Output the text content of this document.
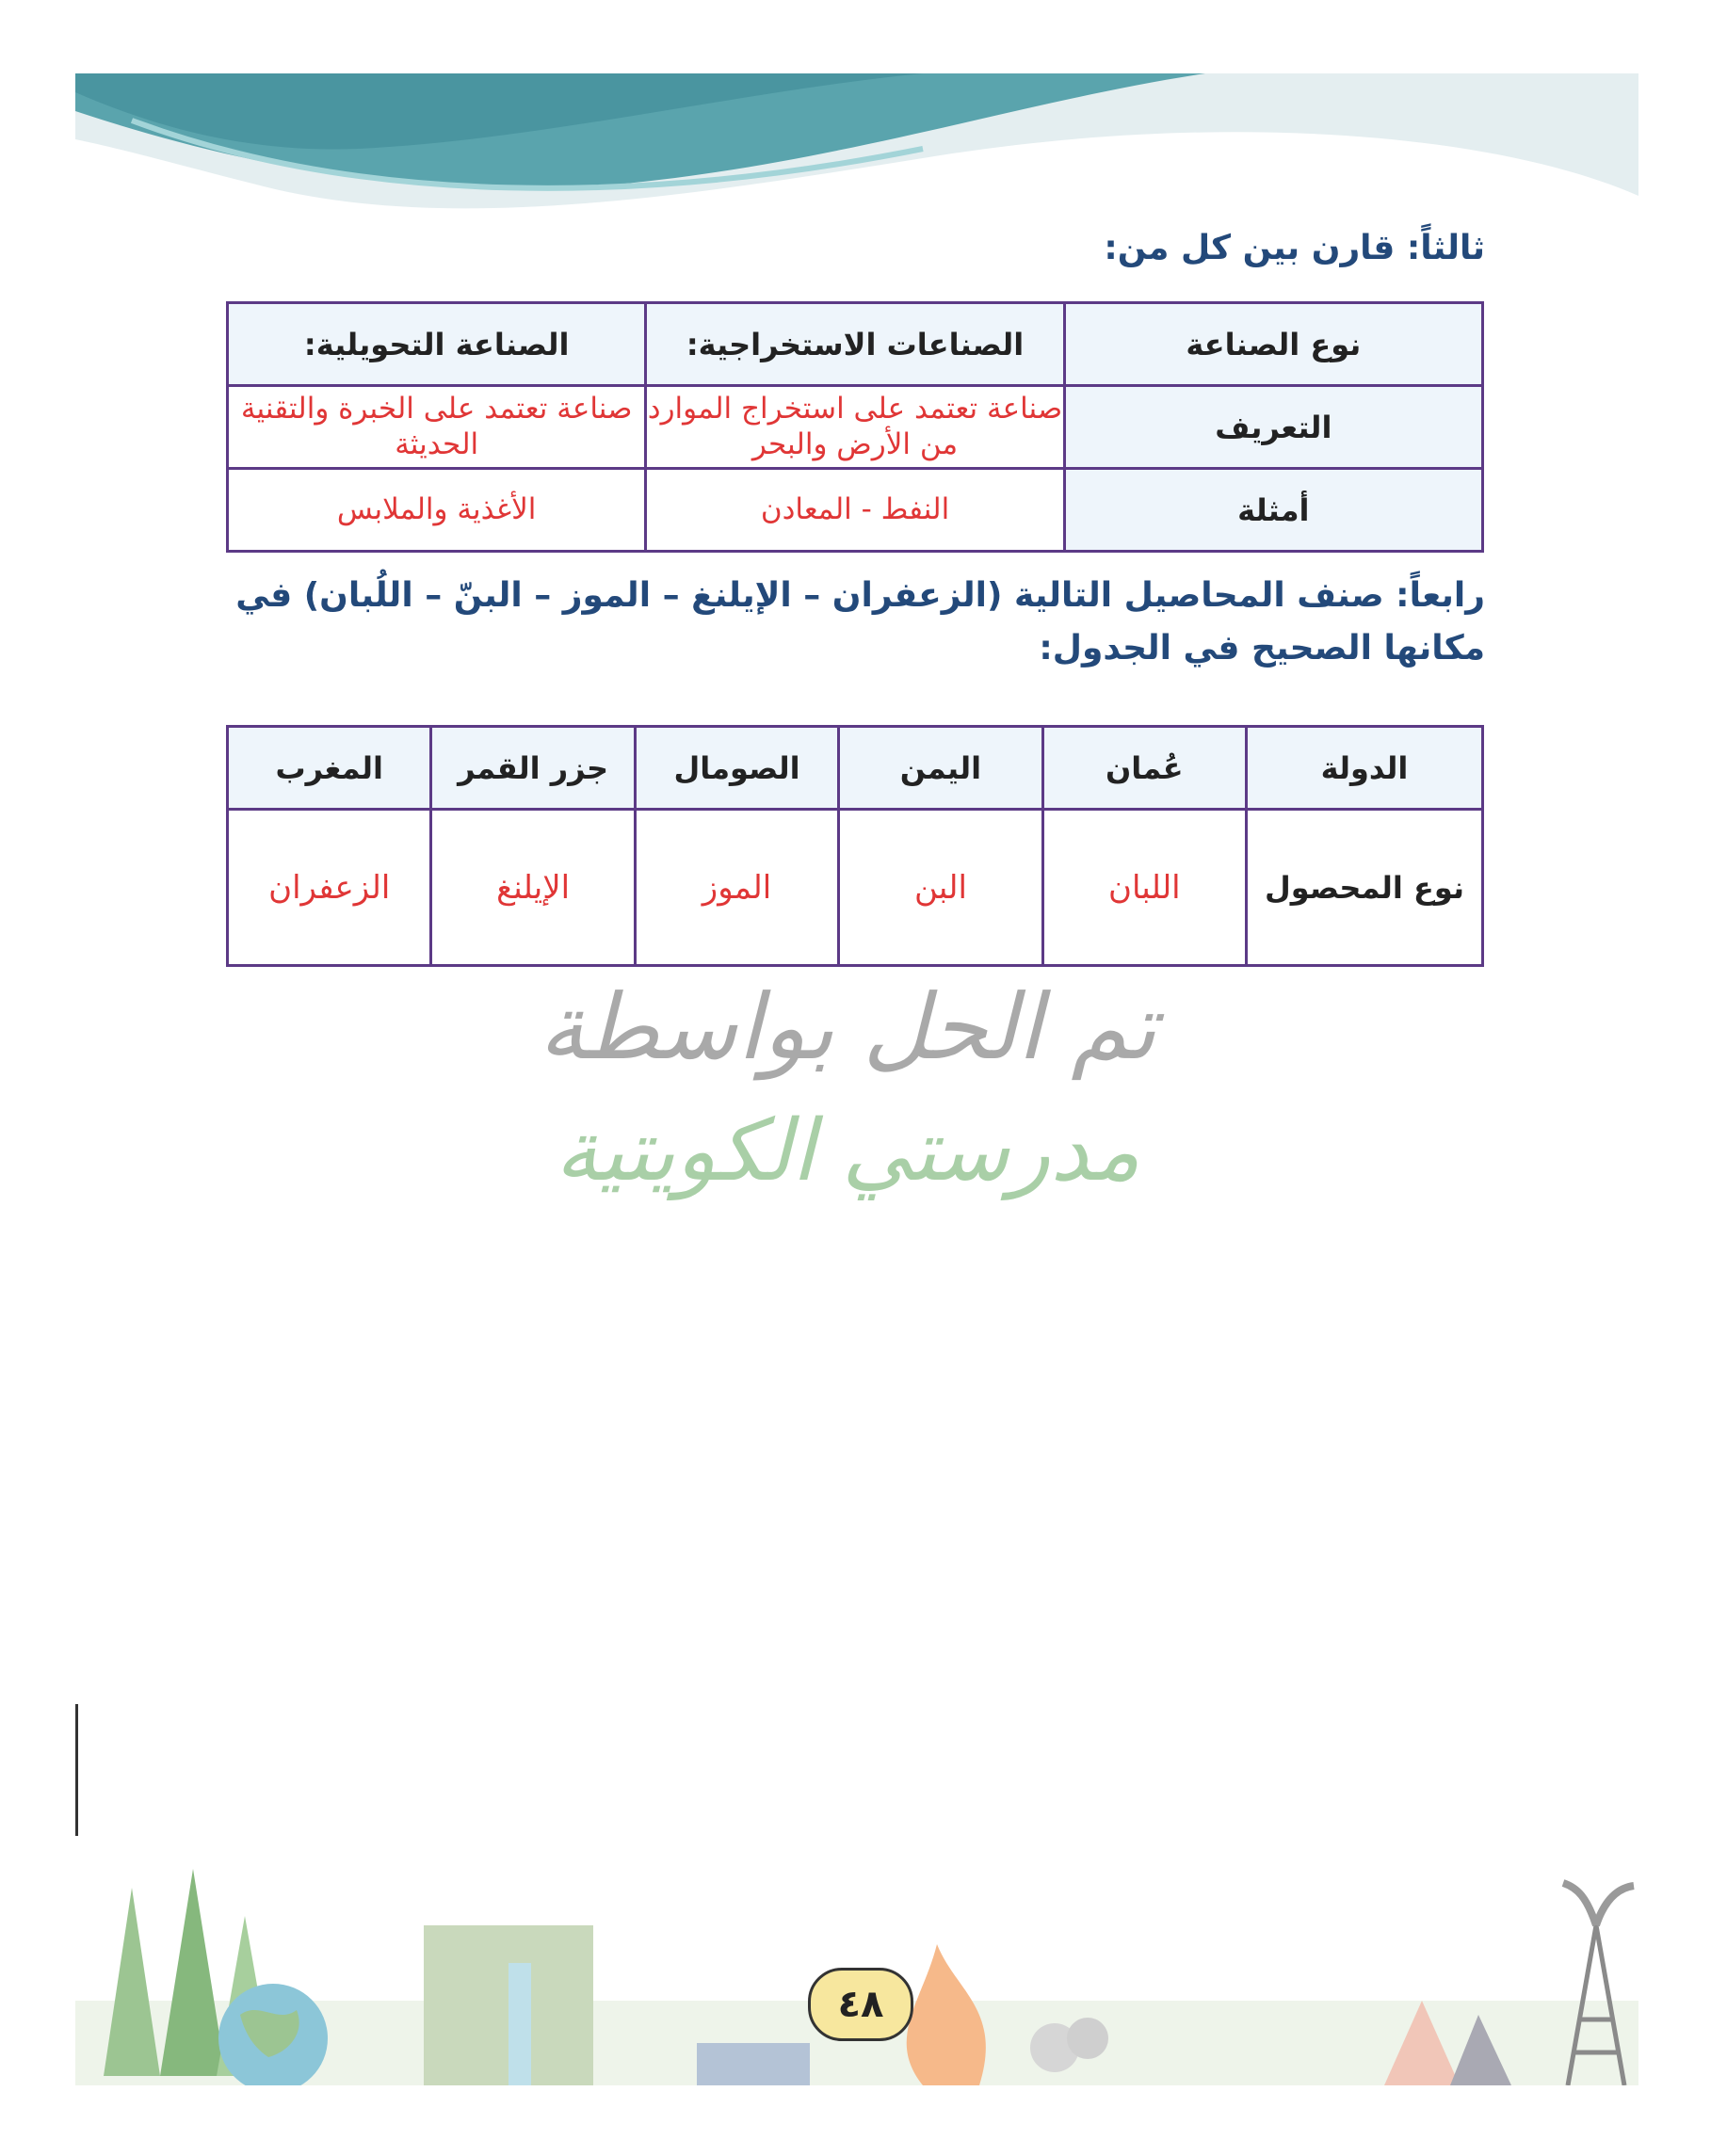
ثالثاً: قارن بين كل من:

نوع الصناعة	الصناعات الاستخراجية:	الصناعة التحويلية:
التعريف	صناعة تعتمد على استخراج الموارد من الأرض والبحر	صناعة تعتمد على الخبرة والتقنية الحديثة
أمثلة	النفط - المعادن	الأغذية والملابس

رابعاً: صنف المحاصيل التالية (الزعفران – الإيلنغ – الموز – البنّ – اللُبان) في مكانها الصحيح في الجدول:

الدولة	عُمان	اليمن	الصومال	جزر القمر	المغرب
نوع المحصول	اللبان	البن	الموز	الإيلنغ	الزعفران
تم الحل بواسطة
مدرستي الكويتية
٤٨
